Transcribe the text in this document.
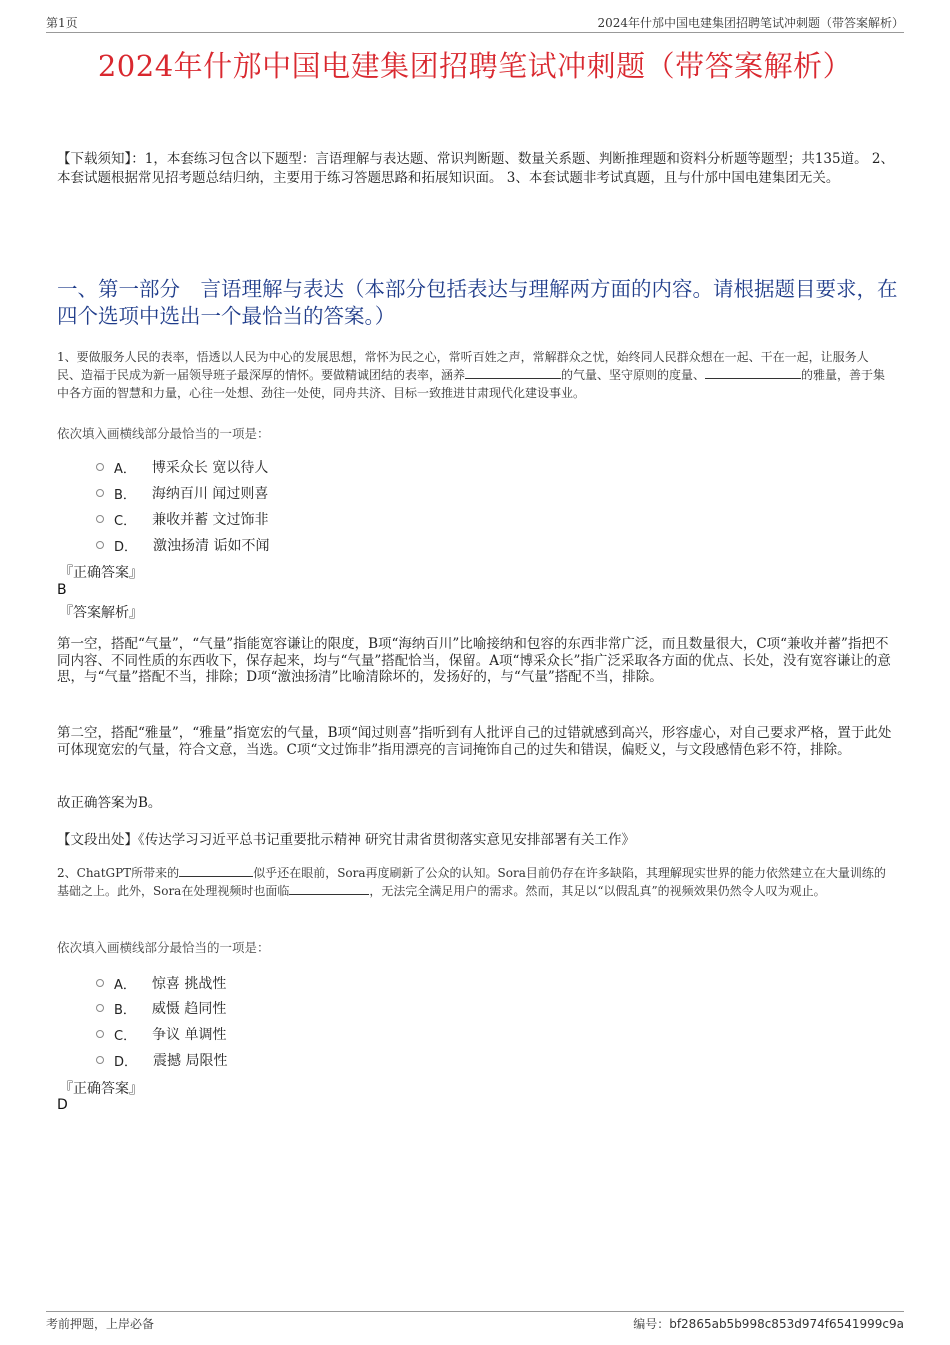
第1页	2024年什邡中国电建集团招聘笔试冲刺题（带答案解析）
2024年什邡中国电建集团招聘笔试冲刺题（带答案解析）
【下载须知】：1，本套练习包含以下题型：言语理解与表达题、常识判断题、数量关系题、判断推理题和资料分析题等题型；共135道。 2、本套试题根据常见招考题总结归纳，主要用于练习答题思路和拓展知识面。 3、本套试题非考试真题，且与什邡中国电建集团无关。
一、第一部分　言语理解与表达（本部分包括表达与理解两方面的内容。请根据题目要求，在四个选项中选出一个最恰当的答案。）
1、要做服务人民的表率，悟透以人民为中心的发展思想，常怀为民之心，常听百姓之声，常解群众之忧，始终同人民群众想在一起、干在一起，让服务人民、造福于民成为新一届领导班子最深厚的情怀。要做精诚团结的表率，涵养	的气量、坚守原则的度量、	的雅量，善于集中各方面的智慧和力量，心往一处想、劲往一处使，同舟共济、目标一致推进甘肃现代化建设事业。
依次填入画横线部分最恰当的一项是：
A． 博采众长 宽以待人
B． 海纳百川 闻过则喜
C． 兼收并蓄 文过饰非
D． 激浊扬清 诟如不闻
『正确答案』
B
『答案解析』
第一空，搭配“气量”，“气量”指能宽容谦让的限度，B项“海纳百川”比喻接纳和包容的东西非常广泛，而且数量很大，C项“兼收并蓄”指把不同内容、不同性质的东西收下，保存起来，均与“气量”搭配恰当，保留。A项“博采众长”指广泛采取各方面的优点、长处，没有宽容谦让的意思，与“气量”搭配不当，排除；D项“激浊扬清”比喻清除坏的，发扬好的，与“气量”搭配不当，排除。
第二空，搭配“雅量”，“雅量”指宽宏的气量，B项“闻过则喜”指听到有人批评自己的过错就感到高兴，形容虚心，对自己要求严格，置于此处可体现宽宏的气量，符合文意，当选。C项“文过饰非”指用漂亮的言词掩饰自己的过失和错误，偏贬义，与文段感情色彩不符，排除。
故正确答案为B。
【文段出处】《传达学习习近平总书记重要批示精神 研究甘肃省贯彻落实意见安排部署有关工作》
2、ChatGPT所带来的	似乎还在眼前，Sora再度刷新了公众的认知。Sora目前仍存在许多缺陷，其理解现实世界的能力依然建立在大量训练的基础之上。此外，Sora在处理视频时也面临	，无法完全满足用户的需求。然而，其足以“以假乱真”的视频效果仍然令人叹为观止。
依次填入画横线部分最恰当的一项是：
A． 惊喜 挑战性
B． 威慑 趋同性
C． 争议 单调性
D． 震撼 局限性
『正确答案』
D
考前押题，上岸必备	编号：bf2865ab5b998c853d974f6541999c9a
